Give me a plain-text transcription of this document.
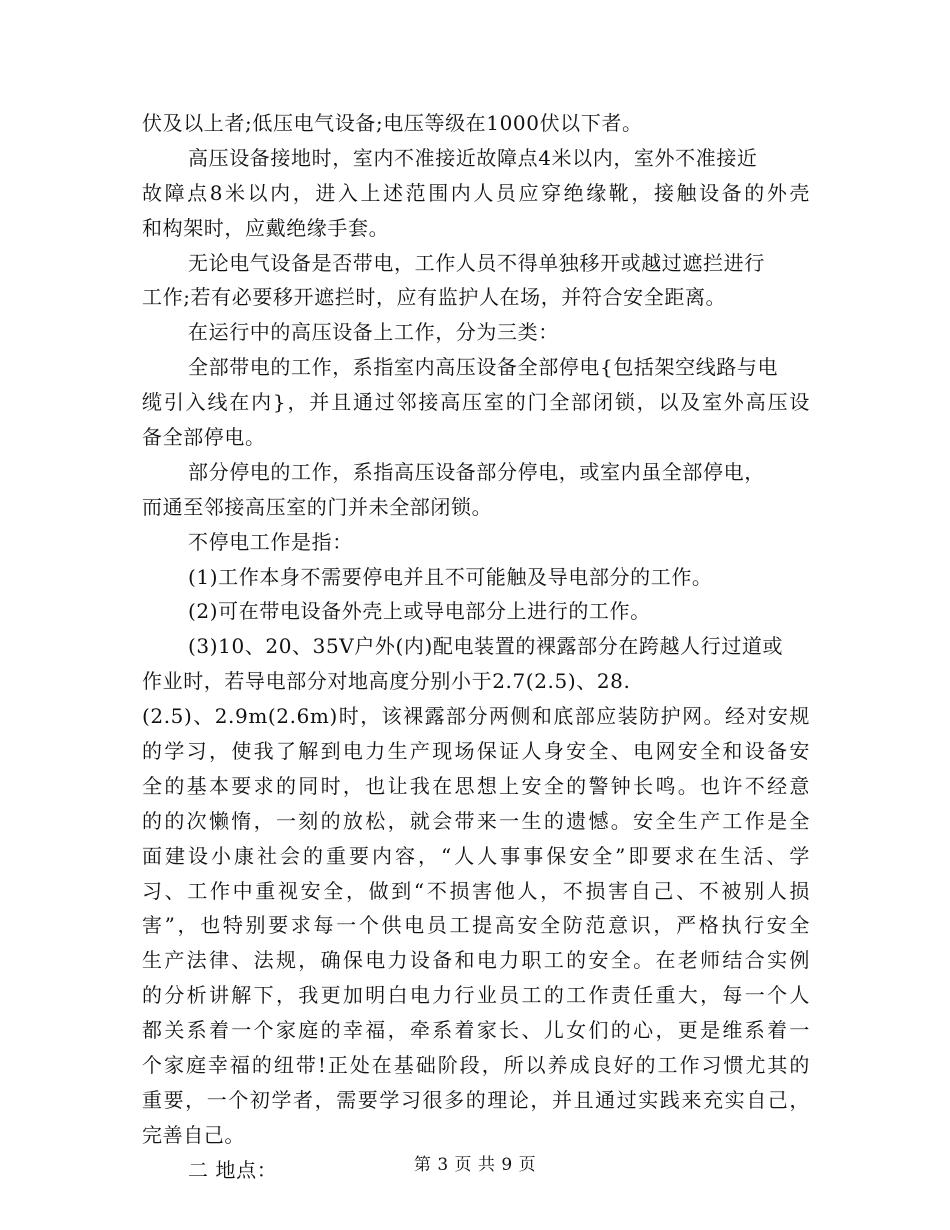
伏及以上者;低压电气设备;电压等级在1000伏以下者。
高压设备接地时，室内不准接近故障点4米以内，室外不准接近
故障点8米以内，进入上述范围内人员应穿绝缘靴，接触设备的外壳
和构架时，应戴绝缘手套。
无论电气设备是否带电，工作人员不得单独移开或越过遮拦进行
工作;若有必要移开遮拦时，应有监护人在场，并符合安全距离。
在运行中的高压设备上工作，分为三类：
全部带电的工作，系指室内高压设备全部停电{包括架空线路与电
缆引入线在内}，并且通过邻接高压室的门全部闭锁，以及室外高压设
备全部停电。
部分停电的工作，系指高压设备部分停电，或室内虽全部停电，
而通至邻接高压室的门并未全部闭锁。
不停电工作是指：
(1)工作本身不需要停电并且不可能触及导电部分的工作。
(2)可在带电设备外壳上或导电部分上进行的工作。
(3)10、20、35V户外(内)配电装置的裸露部分在跨越人行过道或
作业时，若导电部分对地高度分别小于2.7(2.5)、28.
(2.5)、2.9m(2.6m)时，该裸露部分两侧和底部应装防护网。经对安规
的学习，使我了解到电力生产现场保证人身安全、电网安全和设备安
全的基本要求的同时，也让我在思想上安全的警钟长鸣。也许不经意
的的次懒惰，一刻的放松，就会带来一生的遗憾。安全生产工作是全
面建设小康社会的重要内容，“人人事事保安全”即要求在生活、学
习、工作中重视安全，做到“不损害他人，不损害自己、不被别人损
害”，也特别要求每一个供电员工提高安全防范意识，严格执行安全
生产法律、法规，确保电力设备和电力职工的安全。在老师结合实例
的分析讲解下，我更加明白电力行业员工的工作责任重大，每一个人
都关系着一个家庭的幸福，牵系着家长、儿女们的心，更是维系着一
个家庭幸福的纽带!正处在基础阶段，所以养成良好的工作习惯尤其的
重要，一个初学者，需要学习很多的理论，并且通过实践来充实自己，
完善自己。
二 地点：	第 3 页 共 9 页
